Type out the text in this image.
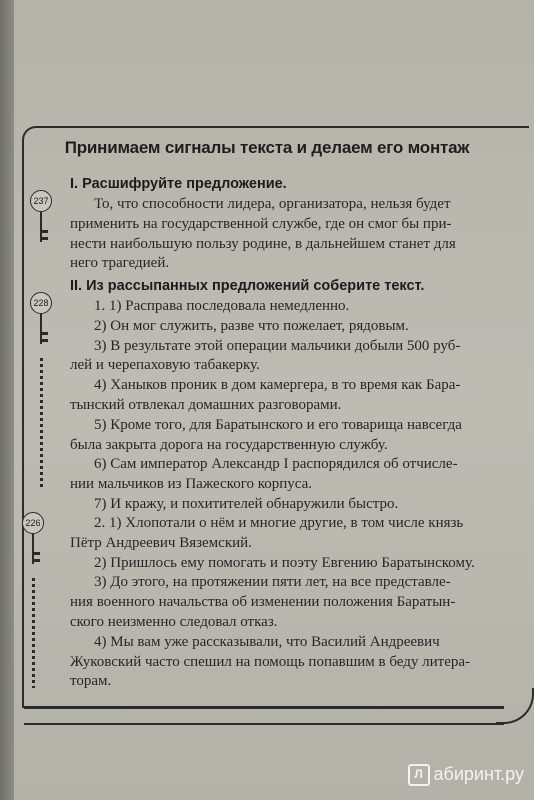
Принимаем сигналы текста и делаем его монтаж
237
I. Расшифруйте предложение.

То, что способности лидера, организатора, нельзя будет

применить на государственной службе, где он смог бы при-

нести наибольшую пользу родине, в дальнейшем станет для

него трагедией.

228
II. Из рассыпанных предложений соберите текст.

1. 1) Расправа последовала немедленно.

2) Он мог служить, разве что пожелает, рядовым.

3) В результате этой операции мальчики добыли 500 руб-

лей и черепаховую табакерку.

4) Ханыков проник в дом камергера, в то время как Бара-

тынский отвлекал домашних разговорами.

5) Кроме того, для Баратынского и его товарища навсегда

была закрыта дорога на государственную службу.

6) Сам император Александр I распорядился об отчисле-

нии мальчиков из Пажеского корпуса.

7) И кражу, и похитителей обнаружили быстро.

226	2. 1) Хлопотали о нём и многие другие, в том числе князь

Пётр Андреевич Вяземский.

2) Пришлось ему помогать и поэту Евгению Баратынскому.

3) До этого, на протяжении пяти лет, на все представле-

ния военного начальства об изменении положения Баратын-

ского неизменно следовал отказ.

4) Мы вам уже рассказывали, что Василий Андреевич

Жуковский часто спешил на помощь попавшим в беду литера-

торам.

Л абиринт.ру
